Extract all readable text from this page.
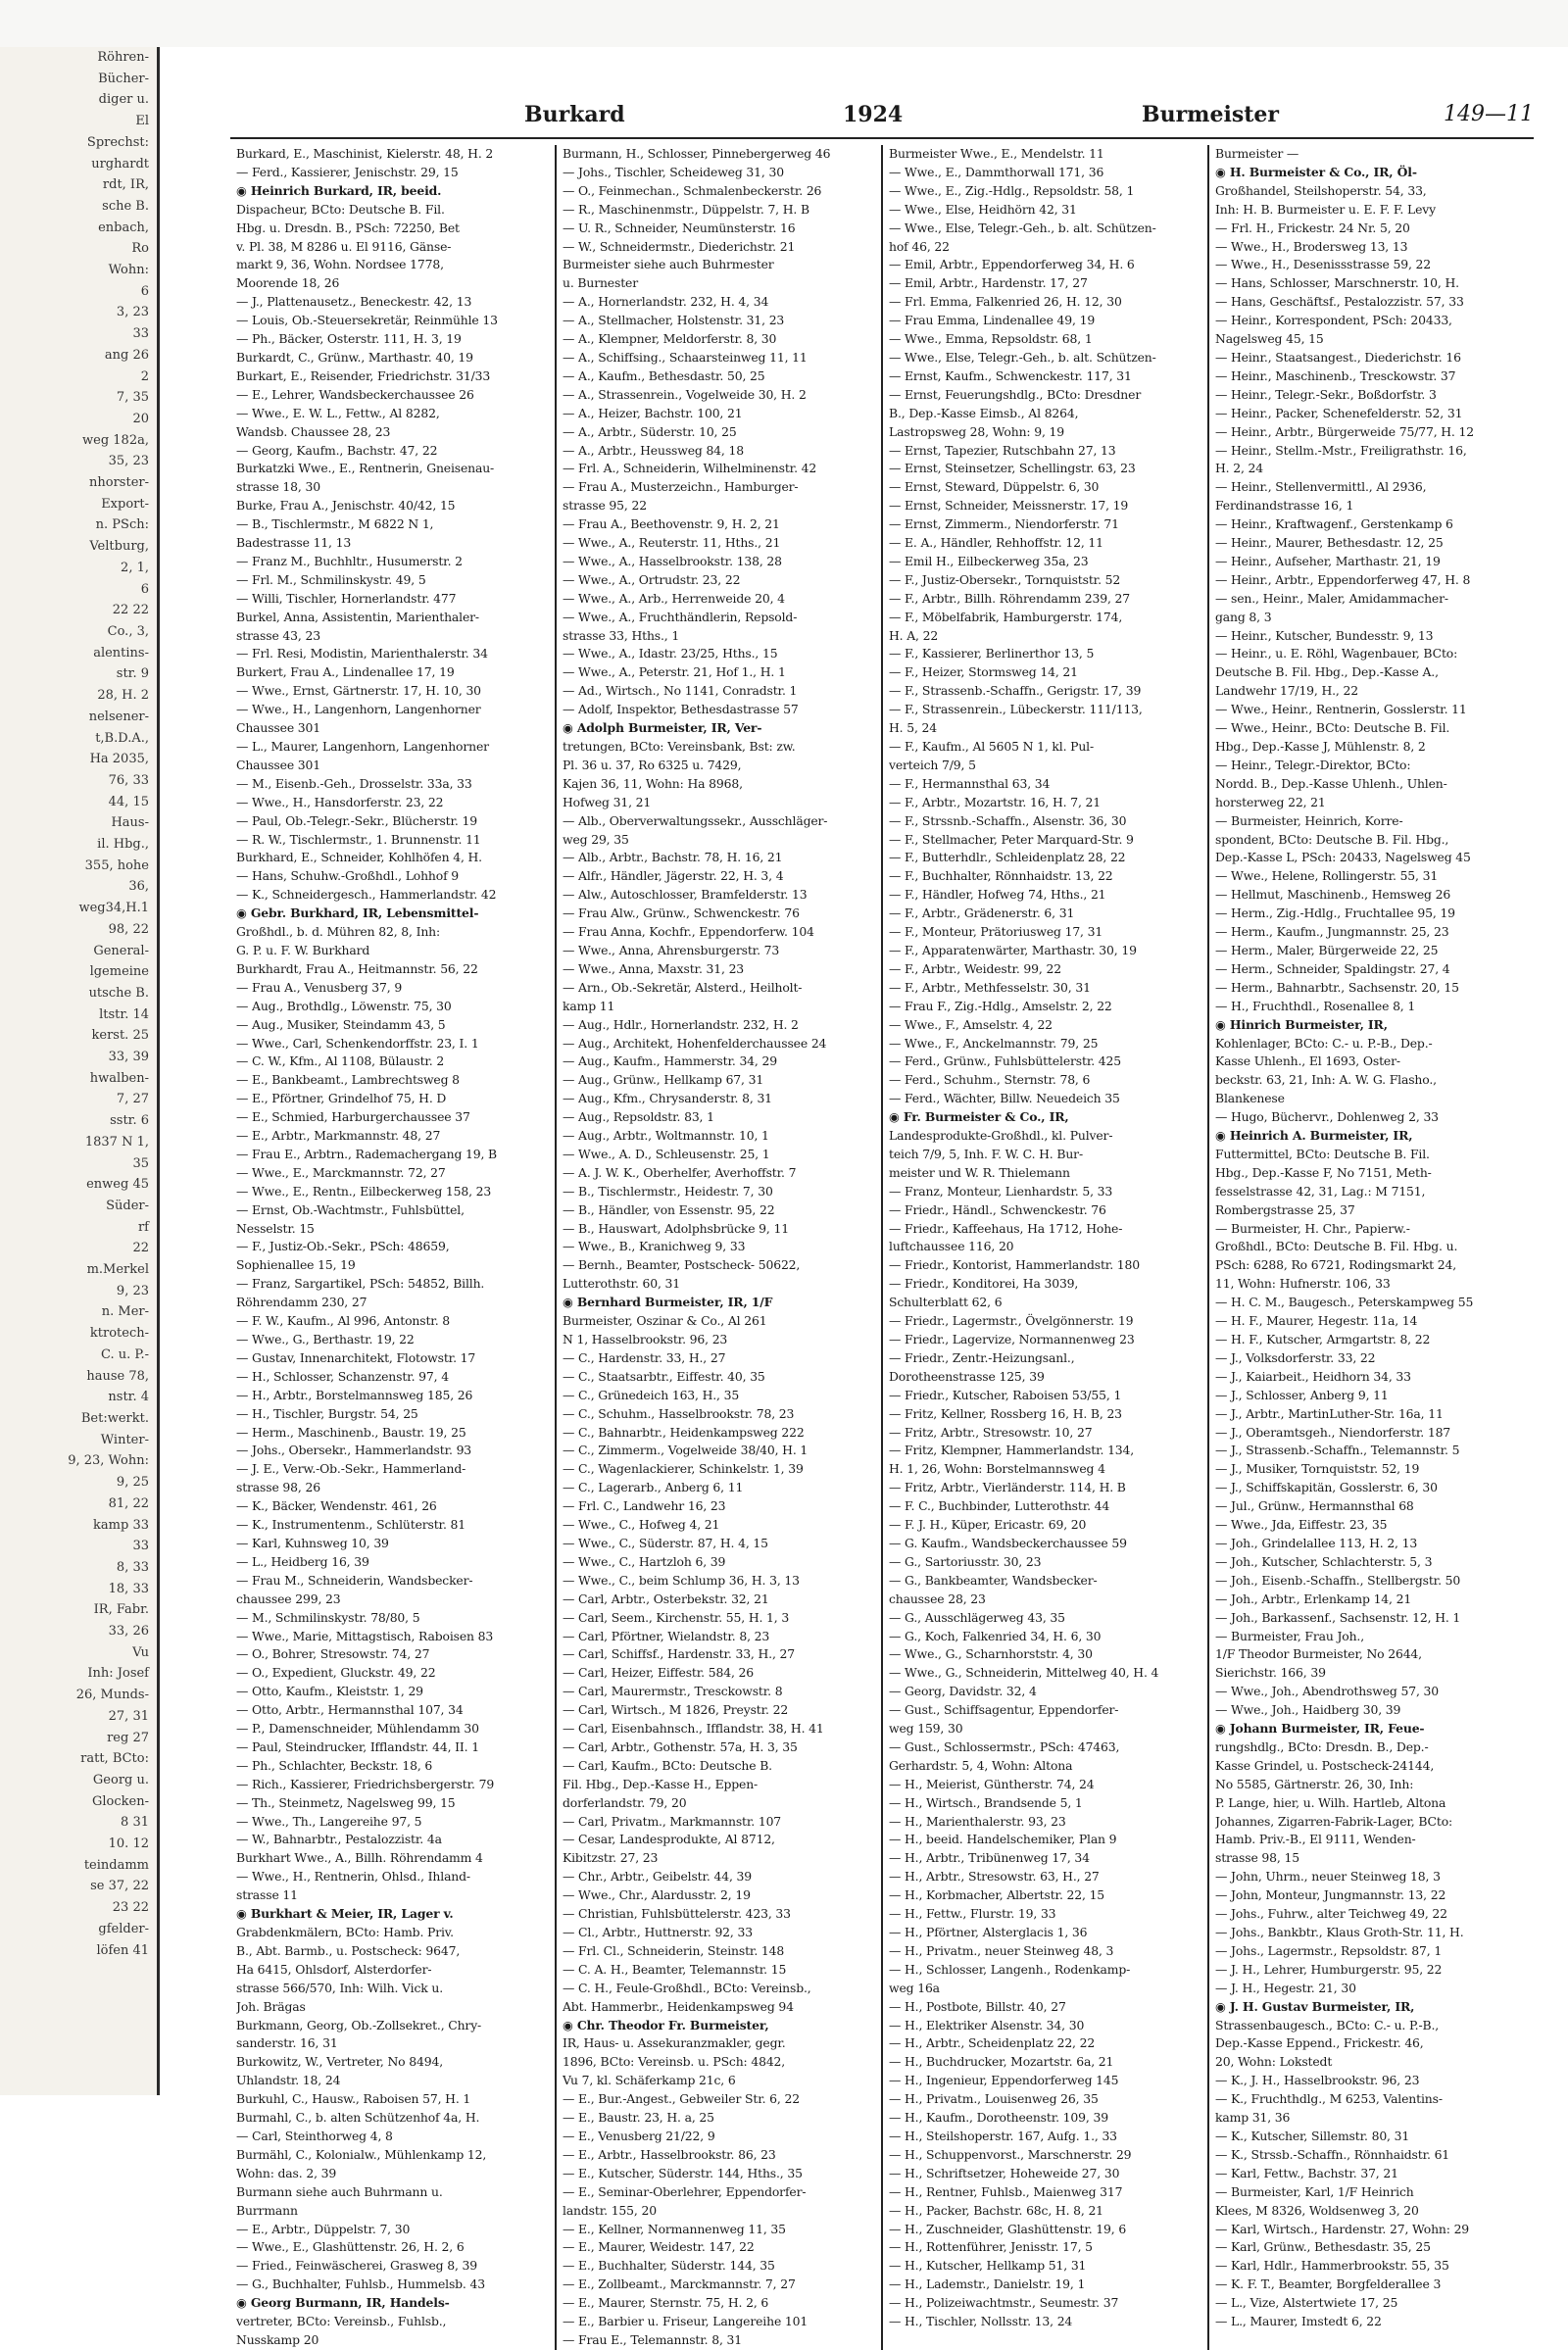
Röhren-
Bücher-
diger u.
El
Sprechst:
urghardt
rdt, IR,
sche B.
enbach,
Ro
Wohn:
6
3, 23
33
ang 26
2
7, 35
20
weg 182a,
35, 23
nhorster-
Export-
n. PSch:
Veltburg,
2, 1,
6
22 22
Co., 3,
alentins-
str. 9
28, H. 2
nelsener-
t,B.D.A.,
Ha 2035,
76, 33
44, 15
Haus-
il. Hbg.,
355, hohe
36,
weg34,H.1
98, 22
General-
lgemeine
utsche B.
ltstr. 14
kerst. 25
33, 39
hwalben-
7, 27
sstr. 6
1837 N 1,
35
enweg 45
Süder-
rf
22
m.Merkel
9, 23
n. Mer-
ktrotech-
C. u. P.-
hause 78,
nstr. 4
Bet:werkt.
Winter-
9, 23, Wohn:
9, 25
81, 22
kamp 33
33
8, 33
18, 33
IR, Fabr.
33, 26
Vu
Inh: Josef
26, Munds-
27, 31
reg 27
ratt, BCto:
Georg u.
Glocken-
8 31
10. 12
teindamm
se 37, 22
23 22
gfelder-
löfen 41
Burkard	1924	Burmeister	149—11
Burkard, E., Maschinist, Kielerstr. 48, H. 2
— Ferd., Kassierer, Jenischstr. 29, 15
◉ Heinrich Burkard, IR, beeid.
Dispacheur, BCto: Deutsche B. Fil.
Hbg. u. Dresdn. B., PSch: 72250, Bet
v. Pl. 38, M 8286 u. El 9116, Gänse-
markt 9, 36, Wohn. Nordsee 1778,
Moorende 18, 26
— J., Plattenausetz., Beneckestr. 42, 13
— Louis, Ob.-Steuersekretär, Reinmühle 13
— Ph., Bäcker, Osterstr. 111, H. 3, 19
Burkardt, C., Grünw., Marthastr. 40, 19
Burkart, E., Reisender, Friedrichstr. 31/33
— E., Lehrer, Wandsbeckerchaussee 26
— Wwe., E. W. L., Fettw., Al 8282,
Wandsb. Chaussee 28, 23
— Georg, Kaufm., Bachstr. 47, 22
Burkatzki Wwe., E., Rentnerin, Gneisenau-
strasse 18, 30
Burke, Frau A., Jenischstr. 40/42, 15
— B., Tischlermstr., M 6822 N 1,
Badestrasse 11, 13
— Franz M., Buchhltr., Husumerstr. 2
— Frl. M., Schmilinskystr. 49, 5
— Willi, Tischler, Hornerlandstr. 477
Burkel, Anna, Assistentin, Marienthaler-
strasse 43, 23
— Frl. Resi, Modistin, Marienthalerstr. 34
Burkert, Frau A., Lindenallee 17, 19
— Wwe., Ernst, Gärtnerstr. 17, H. 10, 30
— Wwe., H., Langenhorn, Langenhorner
Chaussee 301
— L., Maurer, Langenhorn, Langenhorner
Chaussee 301
— M., Eisenb.-Geh., Drosselstr. 33a, 33
— Wwe., H., Hansdorferstr. 23, 22
— Paul, Ob.-Telegr.-Sekr., Blücherstr. 19
— R. W., Tischlermstr., 1. Brunnenstr. 11
Burkhard, E., Schneider, Kohlhöfen 4, H.
— Hans, Schuhw.-Großhdl., Lohhof 9
— K., Schneidergesch., Hammerlandstr. 42
◉ Gebr. Burkhard, IR, Lebensmittel-
Großhdl., b. d. Mühren 82, 8, Inh:
G. P. u. F. W. Burkhard
Burkhardt, Frau A., Heitmannstr. 56, 22
— Frau A., Venusberg 37, 9
— Aug., Brothdlg., Löwenstr. 75, 30
— Aug., Musiker, Steindamm 43, 5
— Wwe., Carl, Schenkendorffstr. 23, I. 1
— C. W., Kfm., Al 1108, Bülaustr. 2
— E., Bankbeamt., Lambrechtsweg 8
— E., Pförtner, Grindelhof 75, H. D
— E., Schmied, Harburgerchaussee 37
— E., Arbtr., Markmannstr. 48, 27
— Frau E., Arbtrn., Rademachergang 19, B
— Wwe., E., Marckmannstr. 72, 27
— Wwe., E., Rentn., Eilbeckerweg 158, 23
— Ernst, Ob.-Wachtmstr., Fuhlsbüttel,
Nesselstr. 15
— F., Justiz-Ob.-Sekr., PSch: 48659,
Sophienallee 15, 19
— Franz, Sargartikel, PSch: 54852, Billh.
Röhrendamm 230, 27
— F. W., Kaufm., Al 996, Antonstr. 8
— Wwe., G., Berthastr. 19, 22
— Gustav, Innenarchitekt, Flotowstr. 17
— H., Schlosser, Schanzenstr. 97, 4
— H., Arbtr., Borstelmannsweg 185, 26
— H., Tischler, Burgstr. 54, 25
— Herm., Maschinenb., Baustr. 19, 25
— Johs., Obersekr., Hammerlandstr. 93
— J. E., Verw.-Ob.-Sekr., Hammerland-
strasse 98, 26
— K., Bäcker, Wendenstr. 461, 26
— K., Instrumentenm., Schlüterstr. 81
— Karl, Kuhnsweg 10, 39
— L., Heidberg 16, 39
— Frau M., Schneiderin, Wandsbecker-
chaussee 299, 23
— M., Schmilinskystr. 78/80, 5
— Wwe., Marie, Mittagstisch, Raboisen 83
— O., Bohrer, Stresowstr. 74, 27
— O., Expedient, Gluckstr. 49, 22
— Otto, Kaufm., Kleiststr. 1, 29
— Otto, Arbtr., Hermannsthal 107, 34
— P., Damenschneider, Mühlendamm 30
— Paul, Steindrucker, Ifflandstr. 44, II. 1
— Ph., Schlachter, Beckstr. 18, 6
— Rich., Kassierer, Friedrichsbergerstr. 79
— Th., Steinmetz, Nagelsweg 99, 15
— Wwe., Th., Langereihe 97, 5
— W., Bahnarbtr., Pestalozzistr. 4a
Burkhart Wwe., A., Billh. Röhrendamm 4
— Wwe., H., Rentnerin, Ohlsd., Ihland-
strasse 11
◉ Burkhart & Meier, IR, Lager v.
Grabdenkmälern, BCto: Hamb. Priv.
B., Abt. Barmb., u. Postscheck: 9647,
Ha 6415, Ohlsdorf, Alsterdorfer-
strasse 566/570, Inh: Wilh. Vick u.
Joh. Brägas
Burkmann, Georg, Ob.-Zollsekret., Chry-
sanderstr. 16, 31
Burkowitz, W., Vertreter, No 8494,
Uhlandstr. 18, 24
Burkuhl, C., Hausw., Raboisen 57, H. 1
Burmahl, C., b. alten Schützenhof 4a, H.
— Carl, Steinthorweg 4, 8
Burmähl, C., Kolonialw., Mühlenkamp 12,
Wohn: das. 2, 39
Burmann siehe auch Buhrmann u.
Burrmann
— E., Arbtr., Düppelstr. 7, 30
— Wwe., E., Glashüttenstr. 26, H. 2, 6
— Fried., Feinwäscherei, Grasweg 8, 39
— G., Buchhalter, Fuhlsb., Hummelsb. 43
◉ Georg Burmann, IR, Handels-
vertreter, BCto: Vereinsb., Fuhlsb.,
Nusskamp 20
Burmann, H., Schlosser, Pinnebergerweg 46
— Johs., Tischler, Scheideweg 31, 30
— O., Feinmechan., Schmalenbeckerstr. 26
— R., Maschinenmstr., Düppelstr. 7, H. B
— U. R., Schneider, Neumünsterstr. 16
— W., Schneidermstr., Diederichstr. 21
Burmeister siehe auch Buhrmester
u. Burnester
— A., Hornerlandstr. 232, H. 4, 34
— A., Stellmacher, Holstenstr. 31, 23
— A., Klempner, Meldorferstr. 8, 30
— A., Schiffsing., Schaarsteinweg 11, 11
— A., Kaufm., Bethesdastr. 50, 25
— A., Strassenrein., Vogelweide 30, H. 2
— A., Heizer, Bachstr. 100, 21
— A., Arbtr., Süderstr. 10, 25
— A., Arbtr., Heussweg 84, 18
— Frl. A., Schneiderin, Wilhelminenstr. 42
— Frau A., Musterzeichn., Hamburger-
strasse 95, 22
— Frau A., Beethovenstr. 9, H. 2, 21
— Wwe., A., Reuterstr. 11, Hths., 21
— Wwe., A., Hasselbrookstr. 138, 28
— Wwe., A., Ortrudstr. 23, 22
— Wwe., A., Arb., Herrenweide 20, 4
— Wwe., A., Fruchthändlerin, Repsold-
strasse 33, Hths., 1
— Wwe., A., Idastr. 23/25, Hths., 15
— Wwe., A., Peterstr. 21, Hof 1., H. 1
— Ad., Wirtsch., No 1141, Conradstr. 1
— Adolf, Inspektor, Bethesdastrasse 57
◉ Adolph Burmeister, IR, Ver-
tretungen, BCto: Vereinsbank, Bst: zw.
Pl. 36 u. 37, Ro 6325 u. 7429,
Kajen 36, 11, Wohn: Ha 8968,
Hofweg 31, 21
— Alb., Oberverwaltungssekr., Ausschläger-
weg 29, 35
— Alb., Arbtr., Bachstr. 78, H. 16, 21
— Alfr., Händler, Jägerstr. 22, H. 3, 4
— Alw., Autoschlosser, Bramfelderstr. 13
— Frau Alw., Grünw., Schwenckestr. 76
— Frau Anna, Kochfr., Eppendorferw. 104
— Wwe., Anna, Ahrensburgerstr. 73
— Wwe., Anna, Maxstr. 31, 23
— Arn., Ob.-Sekretär, Alsterd., Heilholt-
kamp 11
— Aug., Hdlr., Hornerlandstr. 232, H. 2
— Aug., Architekt, Hohenfelderchaussee 24
— Aug., Kaufm., Hammerstr. 34, 29
— Aug., Grünw., Hellkamp 67, 31
— Aug., Kfm., Chrysanderstr. 8, 31
— Aug., Repsoldstr. 83, 1
— Aug., Arbtr., Woltmannstr. 10, 1
— Wwe., A. D., Schleusenstr. 25, 1
— A. J. W. K., Oberhelfer, Averhoffstr. 7
— B., Tischlermstr., Heidestr. 7, 30
— B., Händler, von Essenstr. 95, 22
— B., Hauswart, Adolphsbrücke 9, 11
— Wwe., B., Kranichweg 9, 33
— Bernh., Beamter, Postscheck- 50622,
Lutterothstr. 60, 31
◉ Bernhard Burmeister, IR, 1/F
Burmeister, Oszinar & Co., Al 261
N 1, Hasselbrookstr. 96, 23
— C., Hardenstr. 33, H., 27
— C., Staatsarbtr., Eiffestr. 40, 35
— C., Grünedeich 163, H., 35
— C., Schuhm., Hasselbrookstr. 78, 23
— C., Bahnarbtr., Heidenkampsweg 222
— C., Zimmerm., Vogelweide 38/40, H. 1
— C., Wagenlackierer, Schinkelstr. 1, 39
— C., Lagerarb., Anberg 6, 11
— Frl. C., Landwehr 16, 23
— Wwe., C., Hofweg 4, 21
— Wwe., C., Süderstr. 87, H. 4, 15
— Wwe., C., Hartzloh 6, 39
— Wwe., C., beim Schlump 36, H. 3, 13
— Carl, Arbtr., Osterbekstr. 32, 21
— Carl, Seem., Kirchenstr. 55, H. 1, 3
— Carl, Pförtner, Wielandstr. 8, 23
— Carl, Schiffsf., Hardenstr. 33, H., 27
— Carl, Heizer, Eiffestr. 584, 26
— Carl, Maurermstr., Tresckowstr. 8
— Carl, Wirtsch., M 1826, Preystr. 22
— Carl, Eisenbahnsch., Ifflandstr. 38, H. 41
— Carl, Arbtr., Gothenstr. 57a, H. 3, 35
— Carl, Kaufm., BCto: Deutsche B.
Fil. Hbg., Dep.-Kasse H., Eppen-
dorferlandstr. 79, 20
— Carl, Privatm., Markmannstr. 107
— Cesar, Landesprodukte, Al 8712,
Kibitzstr. 27, 23
— Chr., Arbtr., Geibelstr. 44, 39
— Wwe., Chr., Alardusstr. 2, 19
— Christian, Fuhlsbüttelerstr. 423, 33
— Cl., Arbtr., Huttnerstr. 92, 33
— Frl. Cl., Schneiderin, Steinstr. 148
— C. A. H., Beamter, Telemannstr. 15
— C. H., Feule-Großhdl., BCto: Vereinsb.,
Abt. Hammerbr., Heidenkampsweg 94
◉ Chr. Theodor Fr. Burmeister,
IR, Haus- u. Assekuranzmakler, gegr.
1896, BCto: Vereinsb. u. PSch: 4842,
Vu 7, kl. Schäferkamp 21c, 6
— E., Bur.-Angest., Gebweiler Str. 6, 22
— E., Baustr. 23, H. a, 25
— E., Venusberg 21/22, 9
— E., Arbtr., Hasselbrookstr. 86, 23
— E., Kutscher, Süderstr. 144, Hths., 35
— E., Seminar-Oberlehrer, Eppendorfer-
landstr. 155, 20
— E., Kellner, Normannenweg 11, 35
— E., Maurer, Weidestr. 147, 22
— E., Buchhalter, Süderstr. 144, 35
— E., Zollbeamt., Marckmannstr. 7, 27
— E., Maurer, Sternstr. 75, H. 2, 6
— E., Barbier u. Friseur, Langereihe 101
— Frau E., Telemannstr. 8, 31
Burmeister Wwe., E., Mendelstr. 11
— Wwe., E., Dammthorwall 171, 36
— Wwe., E., Zig.-Hdlg., Repsoldstr. 58, 1
— Wwe., Else, Heidhörn 42, 31
— Wwe., Else, Telegr.-Geh., b. alt. Schützen-
hof 46, 22
— Emil, Arbtr., Eppendorferweg 34, H. 6
— Emil, Arbtr., Hardenstr. 17, 27
— Frl. Emma, Falkenried 26, H. 12, 30
— Frau Emma, Lindenallee 49, 19
— Wwe., Emma, Repsoldstr. 68, 1
— Wwe., Else, Telegr.-Geh., b. alt. Schützen-
— Ernst, Kaufm., Schwenckestr. 117, 31
— Ernst, Feuerungshdlg., BCto: Dresdner
B., Dep.-Kasse Eimsb., Al 8264,
Lastropsweg 28, Wohn: 9, 19
— Ernst, Tapezier, Rutschbahn 27, 13
— Ernst, Steinsetzer, Schellingstr. 63, 23
— Ernst, Steward, Düppelstr. 6, 30
— Ernst, Schneider, Meissnerstr. 17, 19
— Ernst, Zimmerm., Niendorferstr. 71
— E. A., Händler, Rehhoffstr. 12, 11
— Emil H., Eilbeckerweg 35a, 23
— F., Justiz-Obersekr., Tornquiststr. 52
— F., Arbtr., Billh. Röhrendamm 239, 27
— F., Möbelfabrik, Hamburgerstr. 174,
H. A, 22
— F., Kassierer, Berlinerthor 13, 5
— F., Heizer, Stormsweg 14, 21
— F., Strassenb.-Schaffn., Gerigstr. 17, 39
— F., Strassenrein., Lübeckerstr. 111/113,
H. 5, 24
— F., Kaufm., Al 5605 N 1, kl. Pul-
verteich 7/9, 5
— F., Hermannsthal 63, 34
— F., Arbtr., Mozartstr. 16, H. 7, 21
— F., Strssnb.-Schaffn., Alsenstr. 36, 30
— F., Stellmacher, Peter Marquard-Str. 9
— F., Butterhdlr., Schleidenplatz 28, 22
— F., Buchhalter, Rönnhaidstr. 13, 22
— F., Händler, Hofweg 74, Hths., 21
— F., Arbtr., Grädenerstr. 6, 31
— F., Monteur, Prätoriusweg 17, 31
— F., Apparatenwärter, Marthastr. 30, 19
— F., Arbtr., Weidestr. 99, 22
— F., Arbtr., Methfesselstr. 30, 31
— Frau F., Zig.-Hdlg., Amselstr. 2, 22
— Wwe., F., Amselstr. 4, 22
— Wwe., F., Anckelmannstr. 79, 25
— Ferd., Grünw., Fuhlsbüttelerstr. 425
— Ferd., Schuhm., Sternstr. 78, 6
— Ferd., Wächter, Billw. Neuedeich 35
◉ Fr. Burmeister & Co., IR,
Landesprodukte-Großhdl., kl. Pulver-
teich 7/9, 5, Inh. F. W. C. H. Bur-
meister und W. R. Thielemann
— Franz, Monteur, Lienhardstr. 5, 33
— Friedr., Händl., Schwenckestr. 76
— Friedr., Kaffeehaus, Ha 1712, Hohe-
luftchaussee 116, 20
— Friedr., Kontorist, Hammerlandstr. 180
— Friedr., Konditorei, Ha 3039,
Schulterblatt 62, 6
— Friedr., Lagermstr., Övelgönnerstr. 19
— Friedr., Lagervize, Normannenweg 23
— Friedr., Zentr.-Heizungsanl.,
Dorotheenstrasse 125, 39
— Friedr., Kutscher, Raboisen 53/55, 1
— Fritz, Kellner, Rossberg 16, H. B, 23
— Fritz, Arbtr., Stresowstr. 10, 27
— Fritz, Klempner, Hammerlandstr. 134,
H. 1, 26, Wohn: Borstelmannsweg 4
— Fritz, Arbtr., Vierländerstr. 114, H. B
— F. C., Buchbinder, Lutterothstr. 44
— F. J. H., Küper, Ericastr. 69, 20
— G. Kaufm., Wandsbeckerchaussee 59
— G., Sartoriusstr. 30, 23
— G., Bankbeamter, Wandsbecker-
chaussee 28, 23
— G., Ausschlägerweg 43, 35
— G., Koch, Falkenried 34, H. 6, 30
— Wwe., G., Scharnhorststr. 4, 30
— Wwe., G., Schneiderin, Mittelweg 40, H. 4
— Georg, Davidstr. 32, 4
— Gust., Schiffsagentur, Eppendorfer-
weg 159, 30
— Gust., Schlossermstr., PSch: 47463,
Gerhardstr. 5, 4, Wohn: Altona
— H., Meierist, Güntherstr. 74, 24
— H., Wirtsch., Brandsende 5, 1
— H., Marienthalerstr. 93, 23
— H., beeid. Handelschemiker, Plan 9
— H., Arbtr., Tribünenweg 17, 34
— H., Arbtr., Stresowstr. 63, H., 27
— H., Korbmacher, Albertstr. 22, 15
— H., Fettw., Flurstr. 19, 33
— H., Pförtner, Alsterglacis 1, 36
— H., Privatm., neuer Steinweg 48, 3
— H., Schlosser, Langenh., Rodenkamp-
weg 16a
— H., Postbote, Billstr. 40, 27
— H., Elektriker Alsenstr. 34, 30
— H., Arbtr., Scheidenplatz 22, 22
— H., Buchdrucker, Mozartstr. 6a, 21
— H., Ingenieur, Eppendorferweg 145
— H., Privatm., Louisenweg 26, 35
— H., Kaufm., Dorotheenstr. 109, 39
— H., Steilshoperstr. 167, Aufg. 1., 33
— H., Schuppenvorst., Marschnerstr. 29
— H., Schriftsetzer, Hoheweide 27, 30
— H., Rentner, Fuhlsb., Maienweg 317
— H., Packer, Bachstr. 68c, H. 8, 21
— H., Zuschneider, Glashüttenstr. 19, 6
— H., Rottenführer, Jenisstr. 17, 5
— H., Kutscher, Hellkamp 51, 31
— H., Lademstr., Danielstr. 19, 1
— H., Polizeiwachtmstr., Seumestr. 37
— H., Tischler, Nollsstr. 13, 24
Burmeister —
◉ H. Burmeister & Co., IR, Öl-
Großhandel, Steilshoperstr. 54, 33,
Inh: H. B. Burmeister u. E. F. F. Levy
— Frl. H., Frickestr. 24 Nr. 5, 20
— Wwe., H., Brodersweg 13, 13
— Wwe., H., Desenissstrasse 59, 22
— Hans, Schlosser, Marschnerstr. 10, H.
— Hans, Geschäftsf., Pestalozzistr. 57, 33
— Heinr., Korrespondent, PSch: 20433,
Nagelsweg 45, 15
— Heinr., Staatsangest., Diederichstr. 16
— Heinr., Maschinenb., Tresckowstr. 37
— Heinr., Telegr.-Sekr., Boßdorfstr. 3
— Heinr., Packer, Schenefelderstr. 52, 31
— Heinr., Arbtr., Bürgerweide 75/77, H. 12
— Heinr., Stellm.-Mstr., Freiligrathstr. 16,
H. 2, 24
— Heinr., Stellenvermittl., Al 2936,
Ferdinandstrasse 16, 1
— Heinr., Kraftwagenf., Gerstenkamp 6
— Heinr., Maurer, Bethesdastr. 12, 25
— Heinr., Aufseher, Marthastr. 21, 19
— Heinr., Arbtr., Eppendorferweg 47, H. 8
— sen., Heinr., Maler, Amidammacher-
gang 8, 3
— Heinr., Kutscher, Bundesstr. 9, 13
— Heinr., u. E. Röhl, Wagenbauer, BCto:
Deutsche B. Fil. Hbg., Dep.-Kasse A.,
Landwehr 17/19, H., 22
— Wwe., Heinr., Rentnerin, Gosslerstr. 11
— Wwe., Heinr., BCto: Deutsche B. Fil.
Hbg., Dep.-Kasse J, Mühlenstr. 8, 2
— Heinr., Telegr.-Direktor, BCto:
Nordd. B., Dep.-Kasse Uhlenh., Uhlen-
horsterweg 22, 21
— Burmeister, Heinrich, Korre-
spondent, BCto: Deutsche B. Fil. Hbg.,
Dep.-Kasse L, PSch: 20433, Nagelsweg 45
— Wwe., Helene, Rollingerstr. 55, 31
— Hellmut, Maschinenb., Hemsweg 26
— Herm., Zig.-Hdlg., Fruchtallee 95, 19
— Herm., Kaufm., Jungmannstr. 25, 23
— Herm., Maler, Bürgerweide 22, 25
— Herm., Schneider, Spaldingstr. 27, 4
— Herm., Bahnarbtr., Sachsenstr. 20, 15
— H., Fruchthdl., Rosenallee 8, 1
◉ Hinrich Burmeister, IR,
Kohlenlager, BCto: C.- u. P.-B., Dep.-
Kasse Uhlenh., El 1693, Oster-
beckstr. 63, 21, Inh: A. W. G. Flasho.,
Blankenese
— Hugo, Büchervr., Dohlenweg 2, 33
◉ Heinrich A. Burmeister, IR,
Futtermittel, BCto: Deutsche B. Fil.
Hbg., Dep.-Kasse F, No 7151, Meth-
fesselstrasse 42, 31, Lag.: M 7151,
Rombergstrasse 25, 37
— Burmeister, H. Chr., Papierw.-
Großhdl., BCto: Deutsche B. Fil. Hbg. u.
PSch: 6288, Ro 6721, Rodingsmarkt 24,
11, Wohn: Hufnerstr. 106, 33
— H. C. M., Baugesch., Peterskampweg 55
— H. F., Maurer, Hegestr. 11a, 14
— H. F., Kutscher, Armgartstr. 8, 22
— J., Volksdorferstr. 33, 22
— J., Kaiarbeit., Heidhorn 34, 33
— J., Schlosser, Anberg 9, 11
— J., Arbtr., MartinLuther-Str. 16a, 11
— J., Oberamtsgeh., Niendorferstr. 187
— J., Strassenb.-Schaffn., Telemannstr. 5
— J., Musiker, Tornquiststr. 52, 19
— J., Schiffskapitän, Gosslerstr. 6, 30
— Jul., Grünw., Hermannsthal 68
— Wwe., Jda, Eiffestr. 23, 35
— Joh., Grindelallee 113, H. 2, 13
— Joh., Kutscher, Schlachterstr. 5, 3
— Joh., Eisenb.-Schaffn., Stellbergstr. 50
— Joh., Arbtr., Erlenkamp 14, 21
— Joh., Barkassenf., Sachsenstr. 12, H. 1
— Burmeister, Frau Joh.,
1/F Theodor Burmeister, No 2644,
Sierichstr. 166, 39
— Wwe., Joh., Abendrothsweg 57, 30
— Wwe., Joh., Haidberg 30, 39
◉ Johann Burmeister, IR, Feue-
rungshdlg., BCto: Dresdn. B., Dep.-
Kasse Grindel, u. Postscheck-24144,
No 5585, Gärtnerstr. 26, 30, Inh:
P. Lange, hier, u. Wilh. Hartleb, Altona
Johannes, Zigarren-Fabrik-Lager, BCto:
Hamb. Priv.-B., El 9111, Wenden-
strasse 98, 15
— John, Uhrm., neuer Steinweg 18, 3
— John, Monteur, Jungmannstr. 13, 22
— Johs., Fuhrw., alter Teichweg 49, 22
— Johs., Bankbtr., Klaus Groth-Str. 11, H.
— Johs., Lagermstr., Repsoldstr. 87, 1
— J. H., Lehrer, Humburgerstr. 95, 22
— J. H., Hegestr. 21, 30
◉ J. H. Gustav Burmeister, IR,
Strassenbaugesch., BCto: C.- u. P.-B.,
Dep.-Kasse Eppend., Frickestr. 46,
20, Wohn: Lokstedt
— K., J. H., Hasselbrookstr. 96, 23
— K., Fruchthdlg., M 6253, Valentins-
kamp 31, 36
— K., Kutscher, Sillemstr. 80, 31
— K., Strssb.-Schaffn., Rönnhaidstr. 61
— Karl, Fettw., Bachstr. 37, 21
— Burmeister, Karl, 1/F Heinrich
Klees, M 8326, Woldsenweg 3, 20
— Karl, Wirtsch., Hardenstr. 27, Wohn: 29
— Karl, Grünw., Bethesdastr. 35, 25
— Karl, Hdlr., Hammerbrookstr. 55, 35
— K. F. T., Beamter, Borgfelderallee 3
— L., Vize, Alstertwiete 17, 25
— L., Maurer, Imstedt 6, 22
